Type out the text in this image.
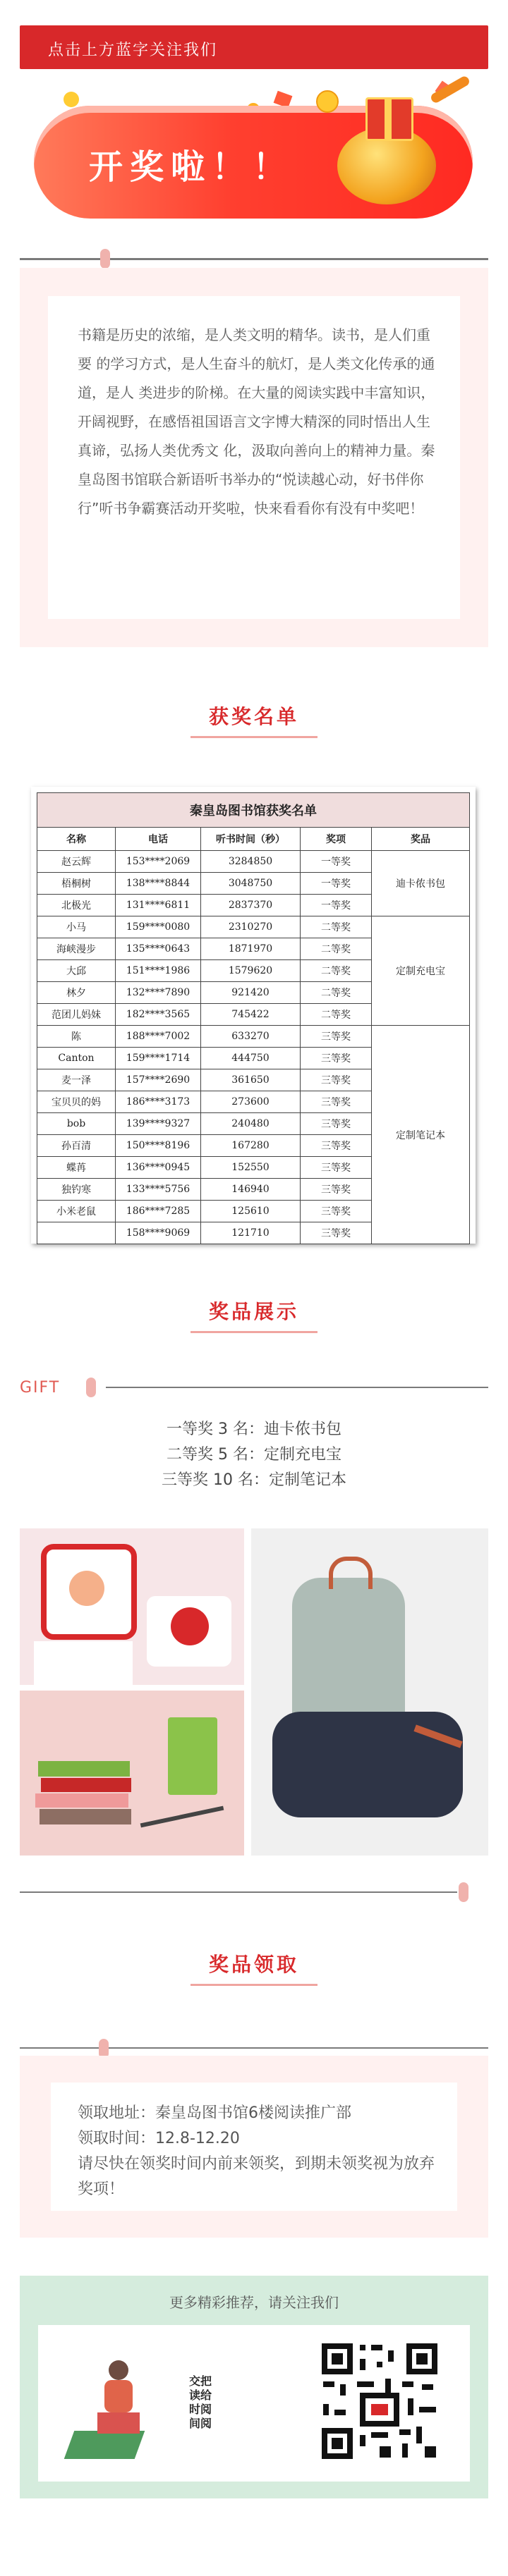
点击上方蓝字关注我们
开奖啦！！
书籍是历史的浓缩，是人类文明的精华。读书，是人们重要 的学习方式，是人生奋斗的航灯，是人类文化传承的通道，是人 类进步的阶梯。在大量的阅读实践中丰富知识，开阔视野，在感悟祖国语言文字博大精深的同时悟出人生真谛，弘扬人类优秀文 化，汲取向善向上的精神力量。秦皇岛图书馆联合新语听书举办的“悦读越心动，好书伴你行”听书争霸赛活动开奖啦，快来看看你有没有中奖吧！
获奖名单
秦皇岛图书馆获奖名单				
名称	电话	听书时间（秒）	奖项	奖品
赵云辉	153****2069	3284850	一等奖	迪卡侬书包
梧桐树	138****8844	3048750	一等奖	
北极光	131****6811	2837370	一等奖	
小马	159****0080	2310270	二等奖	定制充电宝
海峡漫步	135****0643	1871970	二等奖	
大邱	151****1986	1579620	二等奖	
林夕	132****7890	921420	二等奖	
范团儿妈妹	182****3565	745422	二等奖	
陈	188****7002	633270	三等奖	定制笔记本
Canton	159****1714	444750	三等奖	
麦一泽	157****2690	361650	三等奖	
宝贝贝的妈	186****3173	273600	三等奖	
bob	139****9327	240480	三等奖	
孙百清	150****8196	167280	三等奖	
蝶苒	136****0945	152550	三等奖	
独钓寒	133****5756	146940	三等奖	
小米老鼠	186****7285	125610	三等奖	
	158****9069	121710	三等奖	
奖品展示
GIFT
一等奖 3 名：迪卡侬书包
二等奖 5 名：定制充电宝
三等奖 10 名：定制笔记本
奖品领取
领取地址：秦皇岛图书馆6楼阅读推广部
领取时间：12.8-12.20
请尽快在领奖时间内前来领奖，到期未领奖视为放弃奖项！
更多精彩推荐，请关注我们
交把
读给
时阅
间阅
